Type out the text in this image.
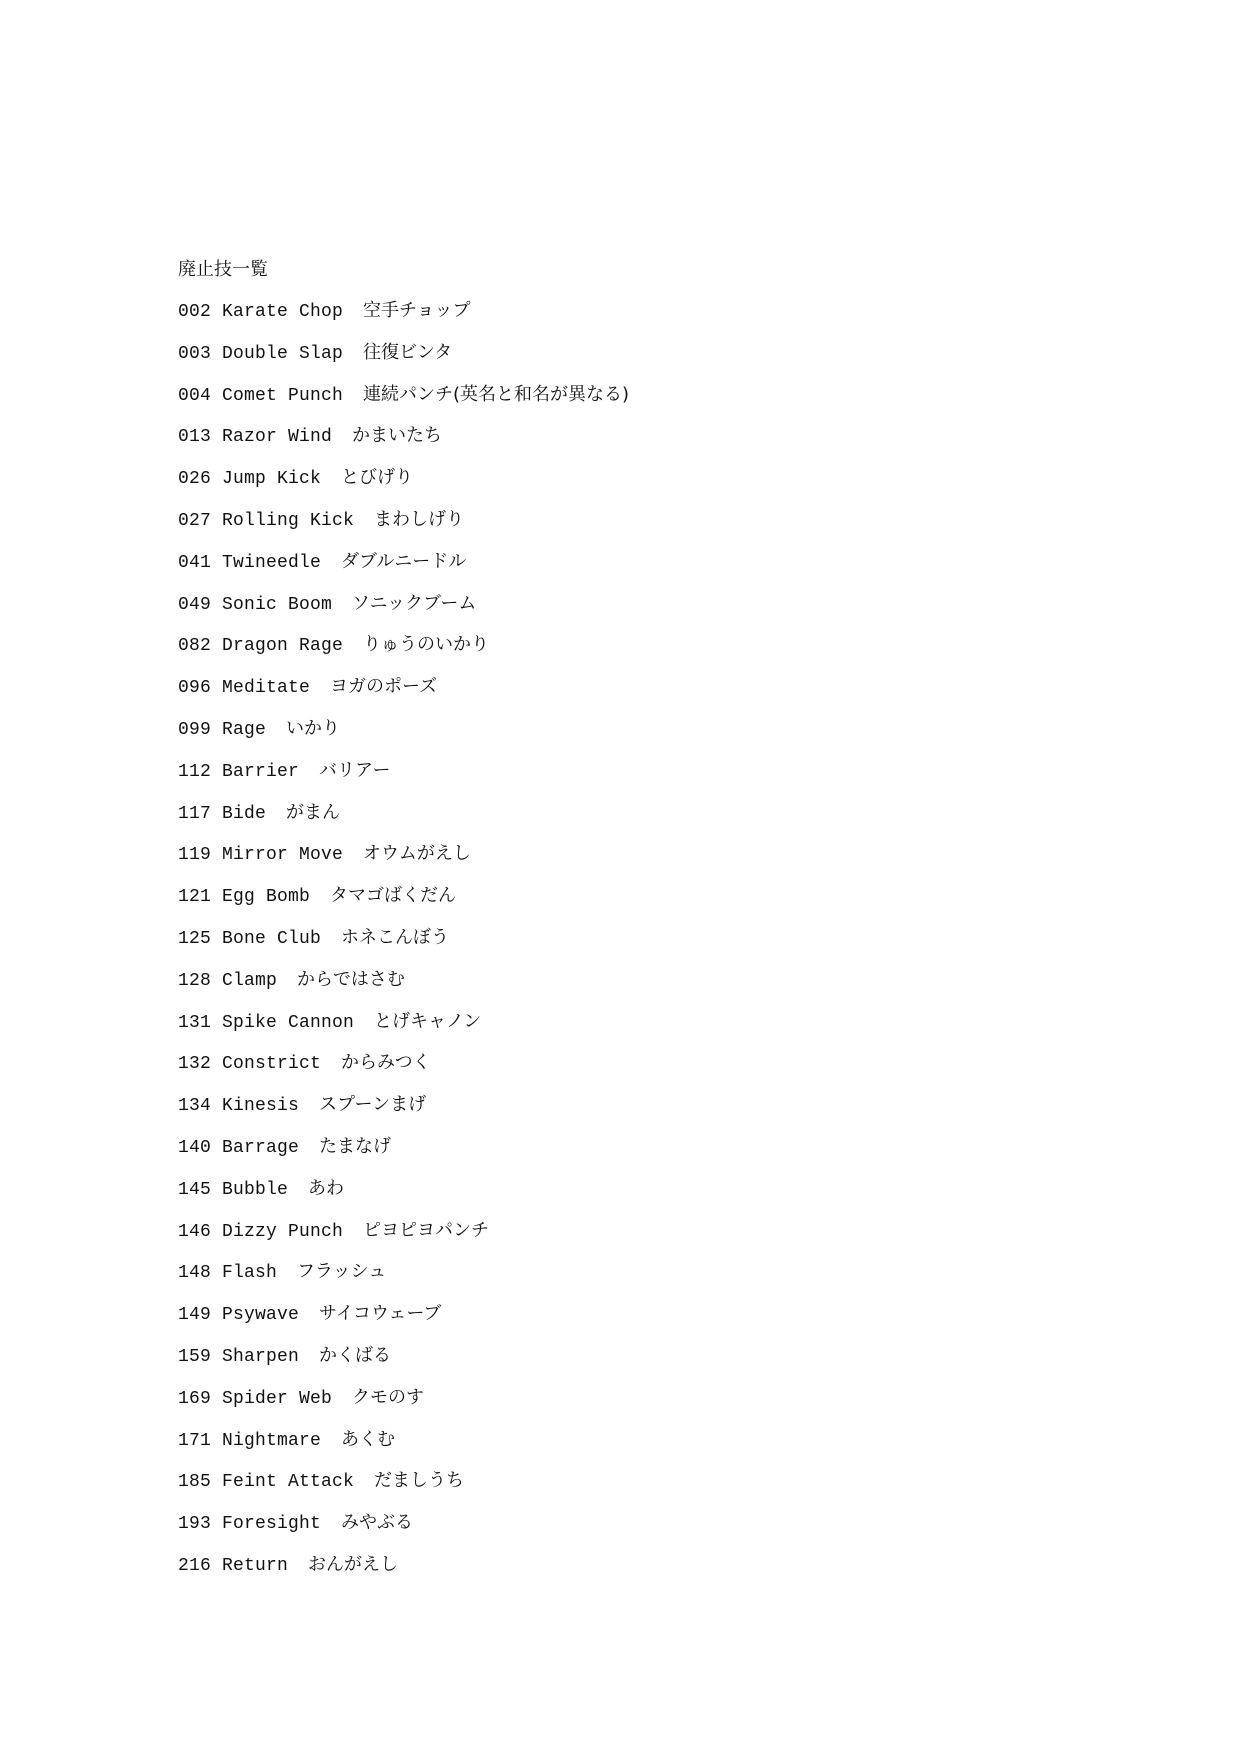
廃止技一覧
002 Karate Chop 空手チョップ
003 Double Slap 往復ビンタ
004 Comet Punch 連続パンチ(英名と和名が異なる)
013 Razor Wind かまいたち
026 Jump Kick とびげり
027 Rolling Kick まわしげり
041 Twineedle ダブルニードル
049 Sonic Boom ソニックブーム
082 Dragon Rage りゅうのいかり
096 Meditate ヨガのポーズ
099 Rage いかり
112 Barrier バリアー
117 Bide がまん
119 Mirror Move オウムがえし
121 Egg Bomb タマゴばくだん
125 Bone Club ホネこんぼう
128 Clamp からではさむ
131 Spike Cannon とげキャノン
132 Constrict からみつく
134 Kinesis スプーンまげ
140 Barrage たまなげ
145 Bubble あわ
146 Dizzy Punch ピヨピヨパンチ
148 Flash フラッシュ
149 Psywave サイコウェーブ
159 Sharpen かくばる
169 Spider Web クモのす
171 Nightmare あくむ
185 Feint Attack だましうち
193 Foresight みやぶる
216 Return おんがえし
